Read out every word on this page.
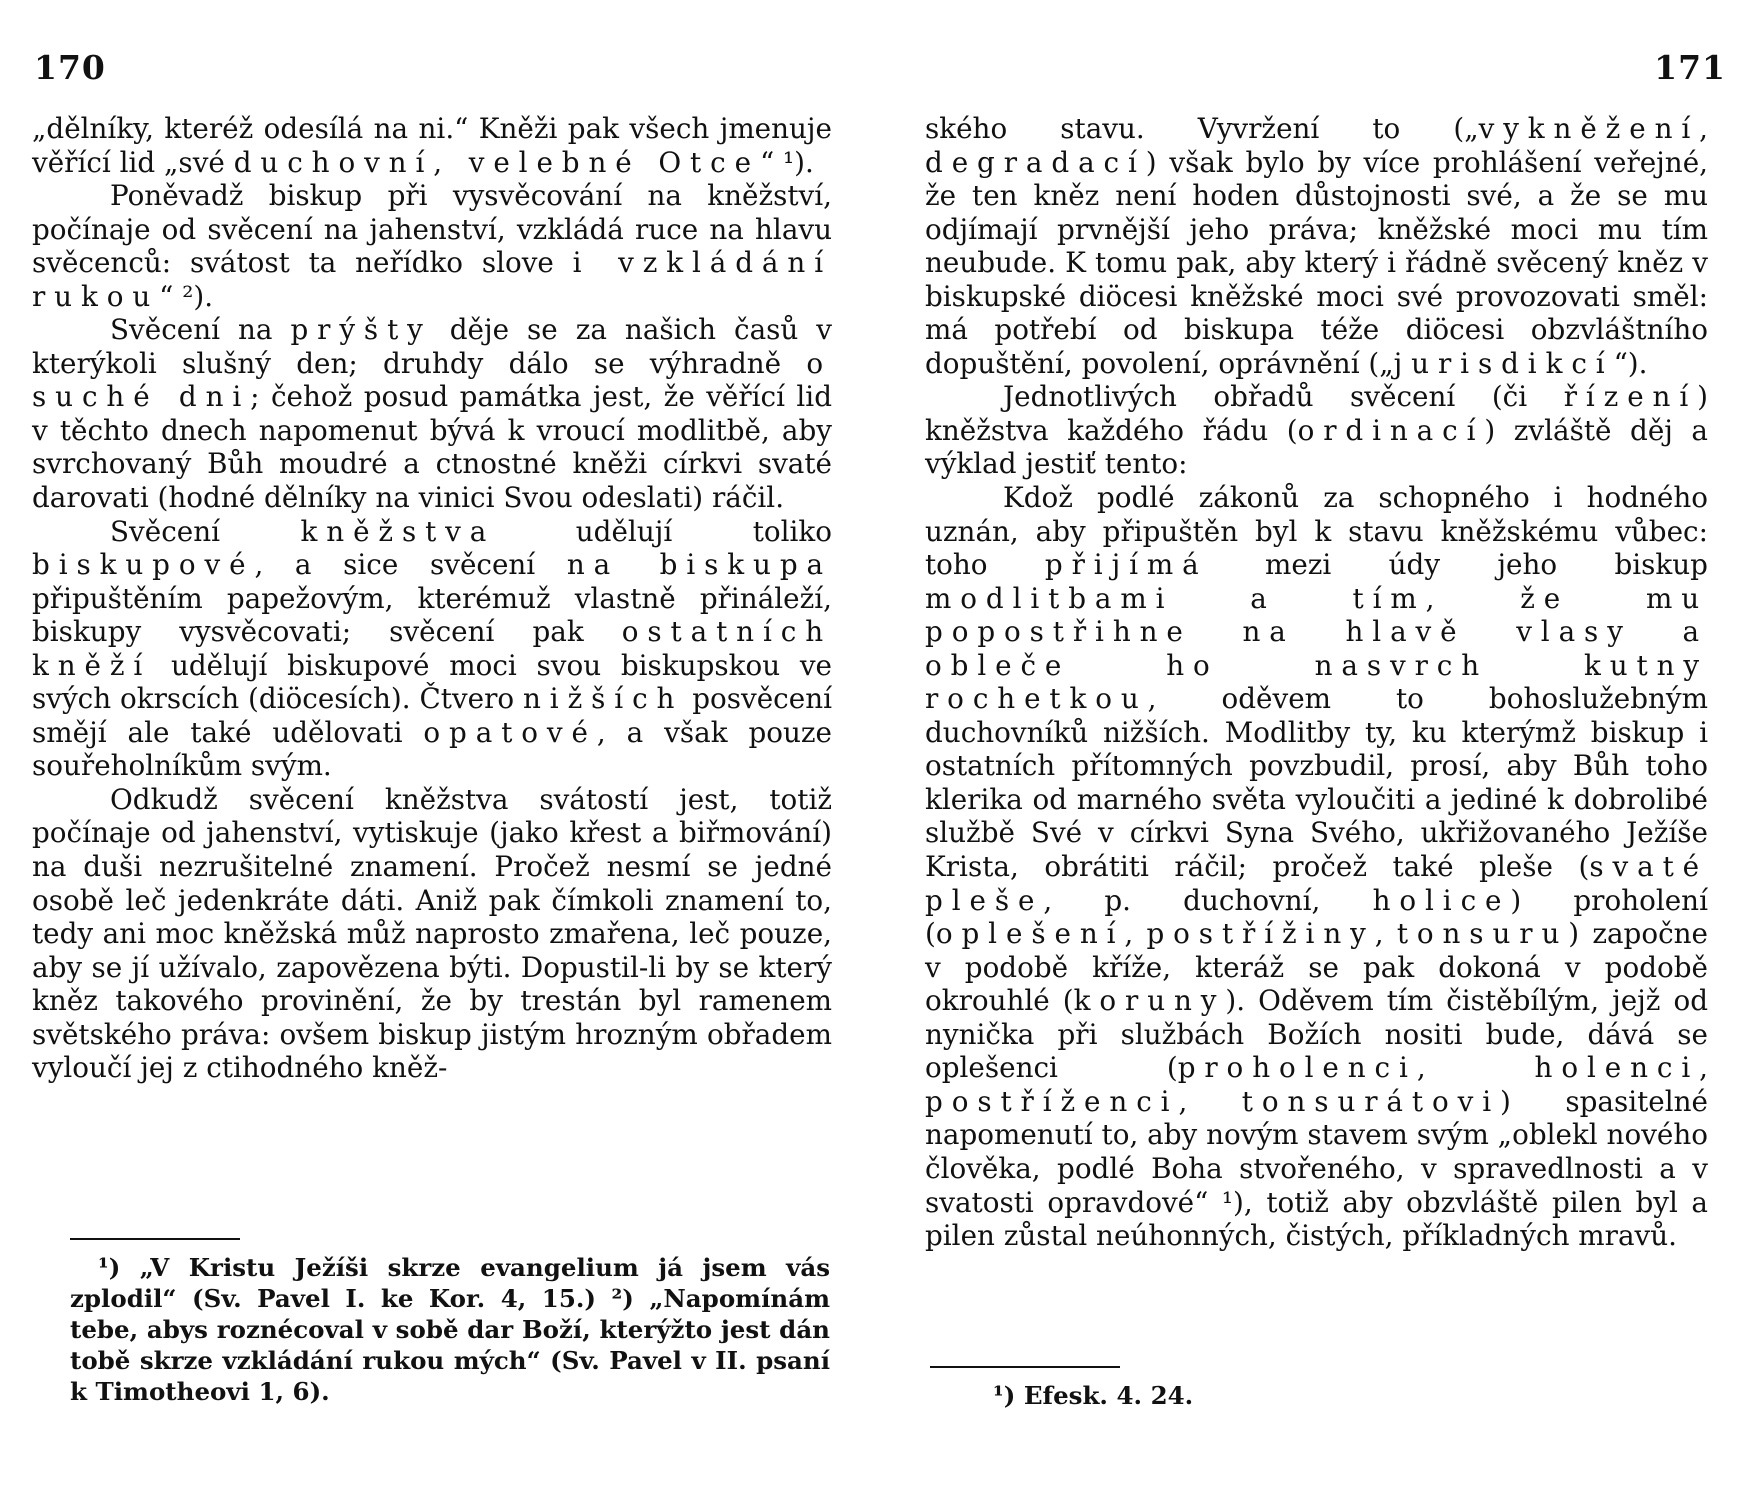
170

„dělníky, kteréž odesílá na ni.“ Kněži pak všech jmenuje věřící lid „své duchovní, velebné Otce“ ¹).

Poněvadž biskup při vysvěcování na kněžství, počínaje od svěcení na jahenství, vzkládá ruce na hlavu svěcenců: svátost ta neřídko slove i vzkládání rukou“ ²).

Svěcení na prýšty děje se za našich časů v kterýkoli slušný den; druhdy dálo se výhradně o suché dni; čehož posud památka jest, že věřící lid v těchto dnech napomenut bývá k vroucí modlitbě, aby svrchovaný Bůh moudré a ctnostné kněži církvi svaté darovati (hodné dělníky na vinici Svou odeslati) ráčil.

Svěcení kněžstva udělují toliko biskupové, a sice svěcení na biskupa připuštěním papežovým, kterémuž vlastně přináleží, biskupy vysvěcovati; svěcení pak ostatních kněží udělují biskupové moci svou biskupskou ve svých okrscích (diöcesích). Čtvero nižších posvěcení smějí ale také udělovati opatové, a však pouze souřeholníkům svým.

Odkudž svěcení kněžstva svátostí jest, totiž počínaje od jahenství, vytiskuje (jako křest a biřmování) na duši nezrušitelné znamení. Pročež nesmí se jedné osobě leč jedenkráte dáti. Aniž pak čímkoli znamení to, tedy ani moc kněžská můž naprosto zmařena, leč pouze, aby se jí užívalo, zapovězena býti. Dopustil-li by se který kněz takového provinění, že by trestán byl ramenem světského práva: ovšem biskup jistým hrozným obřadem vyloučí jej z ctihodného kněž-

¹) „V Kristu Ježíši skrze evangelium já jsem vás zplodil“ (Sv. Pavel I. ke Kor. 4, 15.) ²) „Napomínám tebe, abys roznécoval v sobě dar Boží, kterýžto jest dán tobě skrze vzkládání rukou mých“ (Sv. Pavel v II. psaní k Timotheovi 1, 6).

171

ského stavu. Vyvržení to („vykněžení, degradací) však bylo by více prohlášení veřejné, že ten kněz není hoden důstojnosti své, a že se mu odjímají prvnější jeho práva; kněžské moci mu tím neubude. K tomu pak, aby který i řádně svěcený kněz v biskupské diöcesi kněžské moci své provozovati směl: má potřebí od biskupa téže diöcesi obzvláštního dopuštění, povolení, oprávnění („jurisdikcí“).

Jednotlivých obřadů svěcení (či řízení) kněžstva každého řádu (ordinací) zvláště děj a výklad jestiť tento:

Kdož podlé zákonů za schopného i hodného uznán, aby připuštěn byl k stavu kněžskému vůbec: toho přijímá mezi údy jeho biskup modlitbami a tím, že mu popostřihne na hlavě vlasy a obleče ho nasvrch kutny rochetkou, oděvem to bohoslužebným duchovníků nižších. Modlitby ty, ku kterýmž biskup i ostatních přítomných povzbudil, prosí, aby Bůh toho klerika od marného světa vyloučiti a jediné k dobrolibé službě Své v církvi Syna Svého, ukřižovaného Ježíše Krista, obrátiti ráčil; pročež také pleše (svaté pleše, p. duchovní, holice) proholení (oplešení, postřížiny, tonsuru) započne v podobě kříže, kteráž se pak dokoná v podobě okrouhlé (koruny). Oděvem tím čistěbílým, jejž od nynička při službách Božích nositi bude, dává se oplešenci (proholenci, holenci, postříženci, tonsurátovi) spasitelné napomenutí to, aby novým stavem svým „oblekl nového člověka, podlé Boha stvořeného, v spravedlnosti a v svatosti opravdové“ ¹), totiž aby obzvláště pilen byl a pilen zůstal neúhonných, čistých, příkladných mravů.

¹) Efesk. 4. 24.
